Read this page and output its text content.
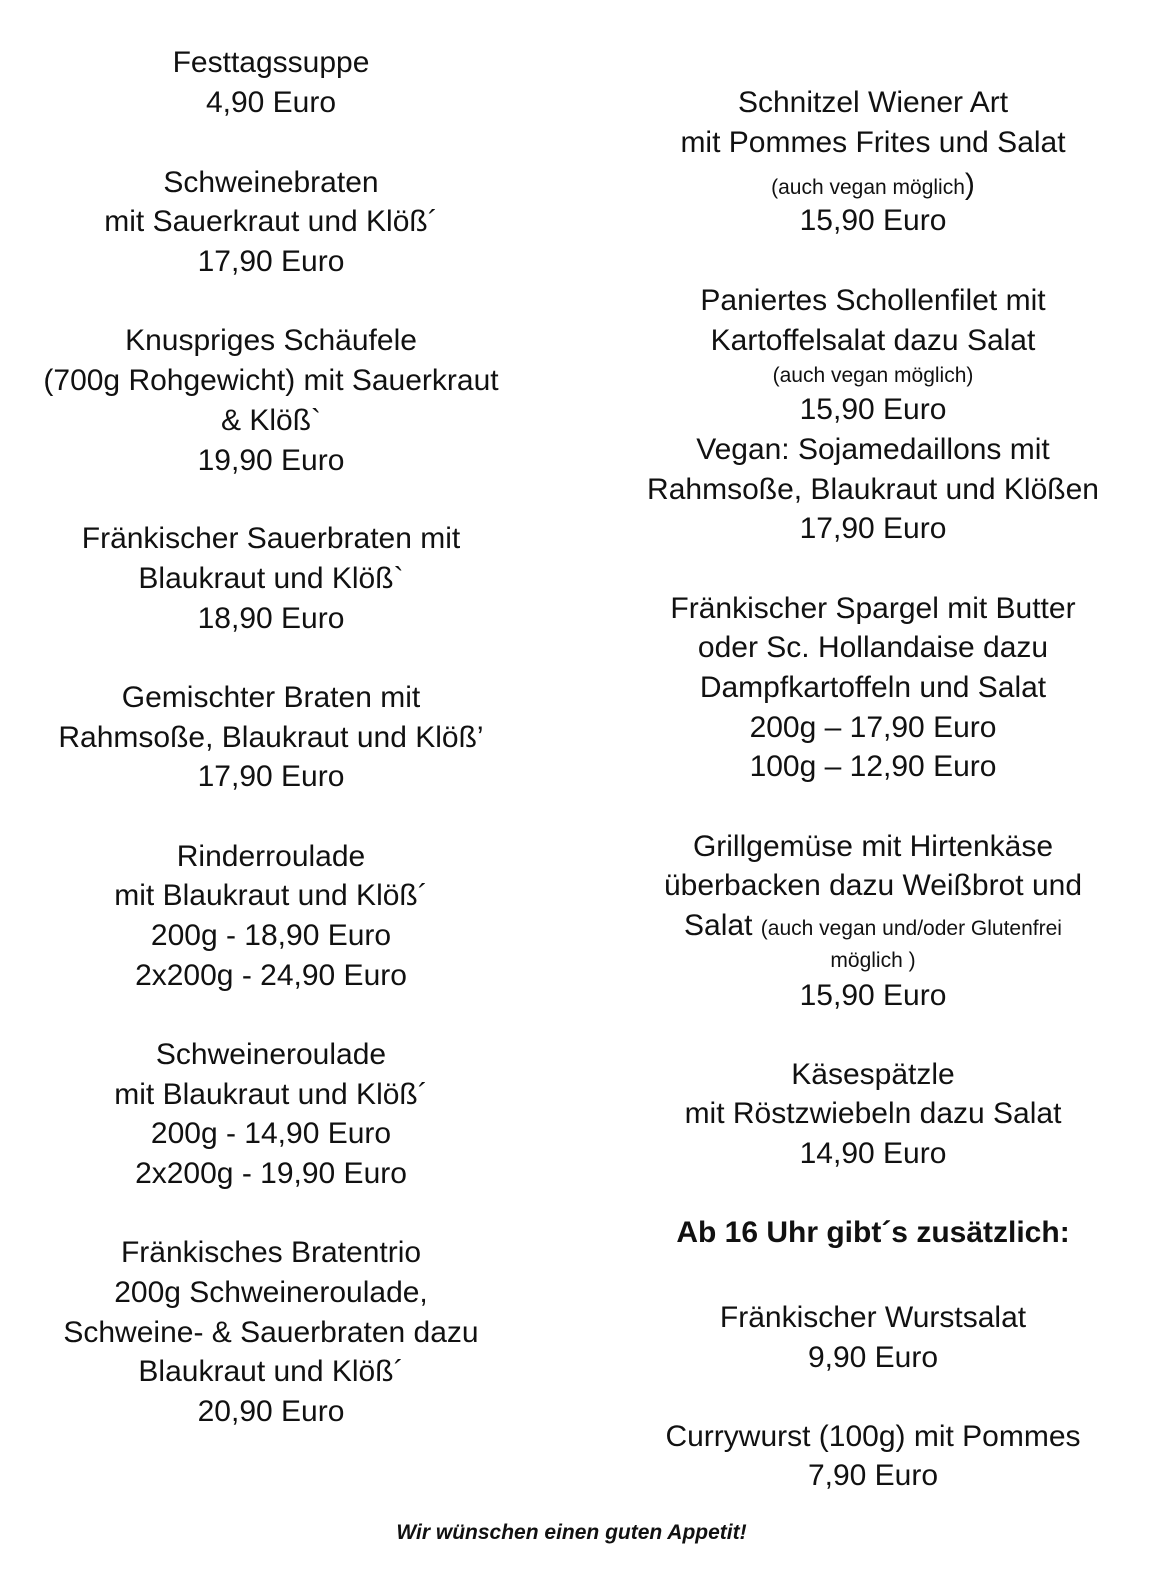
Festtagssuppe
4,90 Euro
Schweinebraten
mit Sauerkraut und Klöß´
17,90 Euro
Knuspriges Schäufele
(700g Rohgewicht) mit Sauerkraut
& Klöß`
19,90 Euro
Fränkischer Sauerbraten mit
Blaukraut und Klöß`
18,90 Euro
Gemischter Braten mit
Rahmsoße, Blaukraut und Klöß’
17,90 Euro
Rinderroulade
mit Blaukraut und Klöß´
200g - 18,90 Euro
2x200g - 24,90 Euro
Schweineroulade
mit Blaukraut und Klöß´
200g - 14,90 Euro
2x200g - 19,90 Euro
Fränkisches Bratentrio
200g Schweineroulade,
Schweine- & Sauerbraten dazu
Blaukraut und Klöß´
20,90 Euro
Schnitzel Wiener Art
mit Pommes Frites und Salat
(auch vegan möglich)
15,90 Euro
Paniertes Schollenfilet mit
Kartoffelsalat dazu Salat
(auch vegan möglich)
15,90 Euro
Vegan: Sojamedaillons mit
Rahmsoße, Blaukraut und Klößen
17,90 Euro
Fränkischer Spargel mit Butter
oder Sc. Hollandaise dazu
Dampfkartoffeln und Salat
200g – 17,90 Euro
100g – 12,90 Euro
Grillgemüse mit Hirtenkäse
überbacken dazu Weißbrot und
Salat (auch vegan und/oder Glutenfrei
möglich )
15,90 Euro
Käsespätzle
mit Röstzwiebeln dazu Salat
14,90 Euro
Ab 16 Uhr gibt´s zusätzlich:
Fränkischer Wurstsalat
9,90 Euro
Currywurst (100g) mit Pommes
7,90 Euro
Wir wünschen einen guten Appetit!
